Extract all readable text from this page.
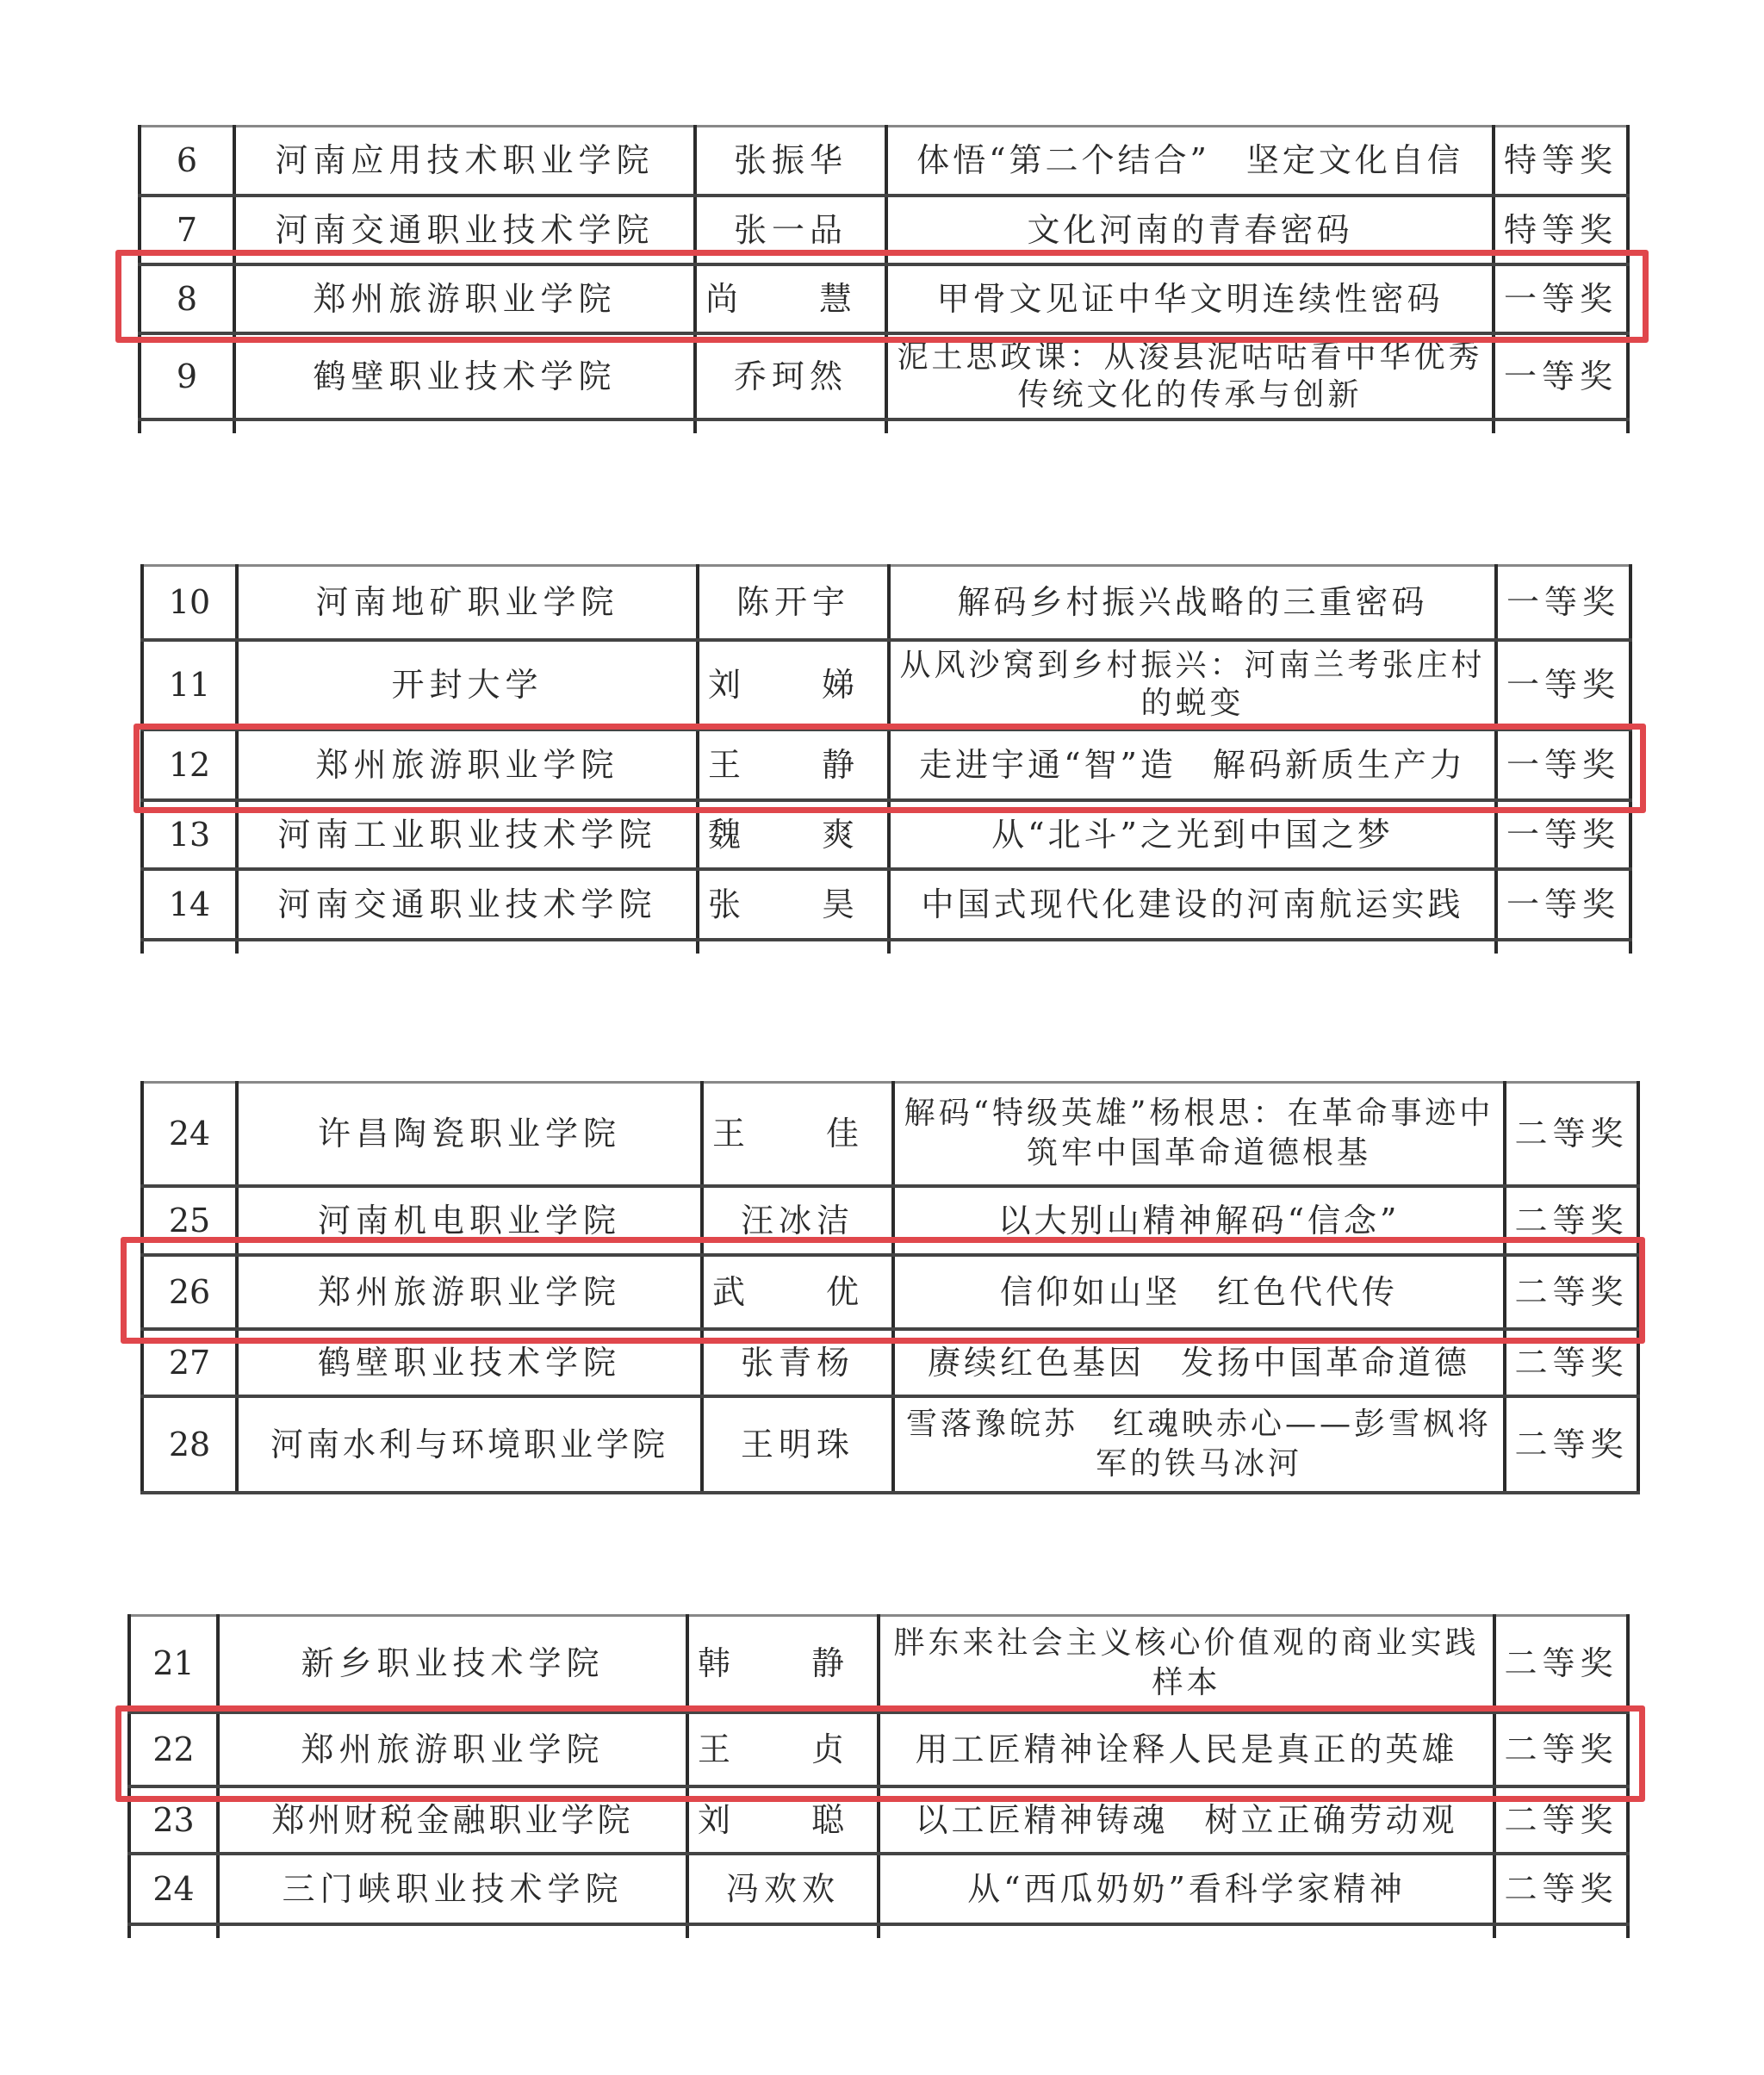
6	河南应用技术职业学院	张振华	体悟“第二个结合”　坚定文化自信	特等奖
7	河南交通职业技术学院	张一品	文化河南的青春密码	特等奖
8	郑州旅游职业学院	尚　慧	甲骨文见证中华文明连续性密码	一等奖
9	鹤壁职业技术学院	乔珂然	泥土思政课：从浚县泥咕咕看中华优秀传统文化的传承与创新	一等奖

10	河南地矿职业学院	陈开宇	解码乡村振兴战略的三重密码	一等奖
11	开封大学	刘　娣	从风沙窝到乡村振兴：河南兰考张庄村的蜕变	一等奖
12	郑州旅游职业学院	王　静	走进宇通“智”造　解码新质生产力	一等奖
13	河南工业职业技术学院	魏　爽	从“北斗”之光到中国之梦	一等奖
14	河南交通职业技术学院	张　昊	中国式现代化建设的河南航运实践	一等奖

24	许昌陶瓷职业学院	王　佳	解码“特级英雄”杨根思：在革命事迹中筑牢中国革命道德根基	二等奖
25	河南机电职业学院	汪冰洁	以大别山精神解码“信念”	二等奖
26	郑州旅游职业学院	武　优	信仰如山坚　红色代代传	二等奖
27	鹤壁职业技术学院	张青杨	赓续红色基因　发扬中国革命道德	二等奖
28	河南水利与环境职业学院	王明珠	雪落豫皖苏　红魂映赤心——彭雪枫将军的铁马冰河	二等奖
21	新乡职业技术学院	韩　静	胖东来社会主义核心价值观的商业实践样本	二等奖
22	郑州旅游职业学院	王　贞	用工匠精神诠释人民是真正的英雄	二等奖
23	郑州财税金融职业学院	刘　聪	以工匠精神铸魂　树立正确劳动观	二等奖
24	三门峡职业技术学院	冯欢欢	从“西瓜奶奶”看科学家精神	二等奖
